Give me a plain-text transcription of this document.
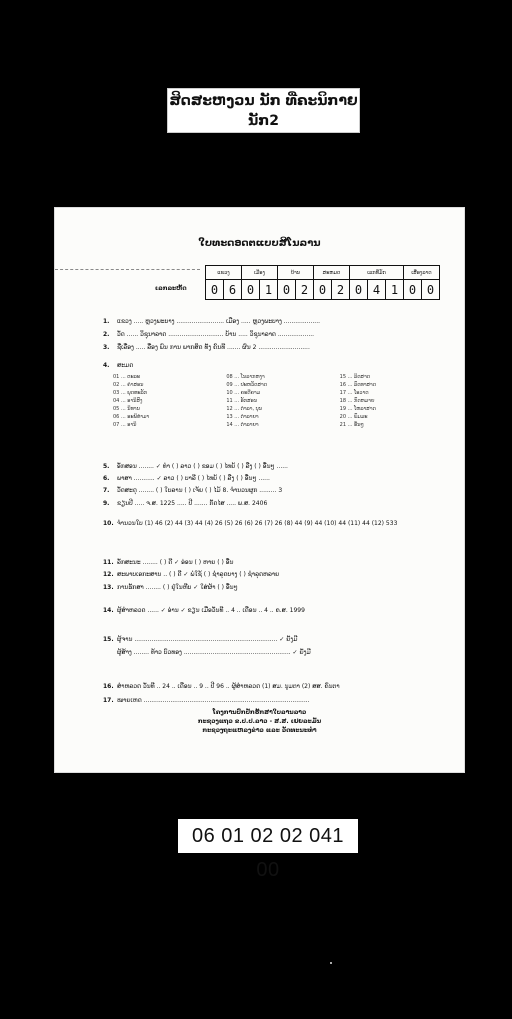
ສິດສະຫງວນ ນັກ ທີ່ຄະນິກາຍ
ນັກ2
ໃບທະດອດຕແບບສີໂນລານ
ເລກລະຫັດ
ແຂວງ		ເມືອງ		ບ້ານ		ສະຫມດ		ເລກທີ່ມັກ			ເສື່ອງລາດ	
0	6	0	1	0	2	0	2	0	4	1	0	0
1. ແຂວງ ..... ຫຼວງພະບາງ ......................... ເມືອງ ..... ຫຼວງພະບາງ ...................
2. ວັດ ...... ວິຊຸນາລາດ ............................. ບ້ານ ..... ວິຊຸນາລາດ ...................
3. ຊື່ເລື່ອງ ..... ລື່ອງ ພົນ ການ ພາກສິດ ທັງ ຄົນທີ ....... ຜົນ 2 ...........................
4. ສະມດ
01 ... ຕະລະ	08 ... ໂນລາກຫງາ	15 ... ລິດສາດ
02 ... ຄຳສອນ	09 ... ປະຫວັດສາດ	16 ... ລົດທາສາດ
03 ... ພຸດທະລັກ	10 ... ຄະດີຄາມ	17 ... ໂອວາດ
04 ... ອານິສົງ	11 ... ອັກສອນ	18 ... ກົດຫມາຍ
05 ... ນິທານ	12 ... ຕຳລາ, ບຸນ	19 ... ໂຫລາສາດ
06 ... ອະພິທຳມາ	13 ... ຕຳລາຍາ	20 ... ພົມມະ
07 ... ອານິ	14 ... ຕຳລາຍາ	21 ... ອື່ນໆ
5. ອັກສອນ ........ ✓ ທຳ ( ) ລາວ ( ) ຂອມ ( ) ໄທຍ້ ( ) ລືງ ( ) ອື່ນໆ ......
6. ພາສາ ........... ✓ ລາວ ( ) ບາລີ ( ) ໄທຍ້ ( ) ລືງ ( ) ອື່ນໆ ......
7. ວັດສະດຸ ........ ( ) ໃບລານ ( ) ເຈ້ຍ ( ) ໄມ້ 8. ຈຳນວນຜູກ ......... 3
9. ຂຽນປີ ..... ຈ.ສ. 1225 ..... ປີ ....... ກັດໄສ ..... ພ.ສ. 2406
10. ຈຳນວນໃບ (1) 46 (2) 44 (3) 44 (4) 26 (5) 26 (6) 26 (7) 26 (8) 44 (9) 44 (10) 44 (11) 44 (12) 533
11. ລັກສະນະ ........ ( ) ດີ ✓ ອ່ອນ ( ) ຫາຍ ( ) ອື່ນ
12. ສະພາບເອກະສານ .. ( ) ດີ ✓ ພໍໃຊ້ ( ) ຊຳລຸດບາງ ( ) ຊຳລຸດຫລາຍ
13. ການຮັກສາ ........ ( ) ຢູ່ໃນຫີບ ✓ ໃສ່ຜ້າ ( ) ອື່ນໆ
14. ຜູ້ສຳຫລວດ ...... ✓ ອ່ານ ✓ ຂຽນ ເມື່ອວັນທີ .. 4 .. ເດືອນ .. 4 .. ຄ.ສ. 1999
15. ຜູ້ຈານ ........................................................................... ✓ ຍັງມີ
ຜູ້ສ້າງ ........ ທ້າວ ບົວທອງ ........................................................ ✓ ຍັງມີ
16. ສຳຫລວດ ວັນທີ .. 24 .. ເດືອນ .. 9 .. ປີ 96 .. ຜູ້ສຳຫລວດ (1) ສມ. ນູມຕາ (2) ສສ. ຄົນຕາ
17. ໝາຍເຫດ .......................................................................................
ໂຄງການປົກປັກຮັກສາໃບລານລາວ
ກະຊວງແຖວ ຂ.ປ.ປ.ລາວ - ສ.ສ. ເຢຍລະມັນ
ກະຊວງຖະແຫລງຂ່າວ ແລະ ວັດທະນະທຳ
06 01 02 02 041 00
